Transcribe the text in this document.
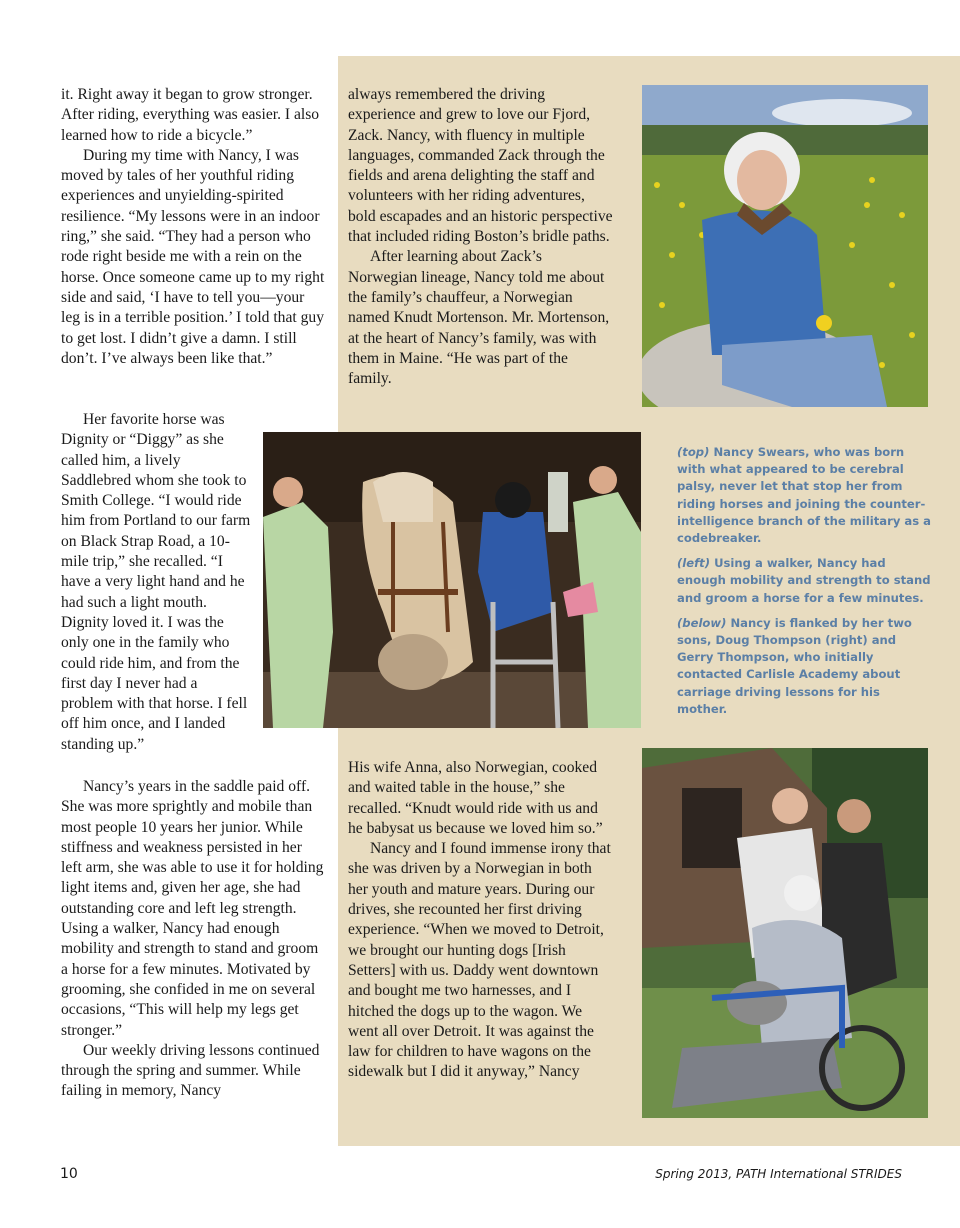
it. Right away it began to grow stronger. After riding, everything was easier. I also learned how to ride a bicycle.”

During my time with Nancy, I was moved by tales of her youthful riding experiences and unyielding-spirited resilience. “My lessons were in an indoor ring,” she said. “They had a person who rode right beside me with a rein on the horse. Once someone came up to my right side and said, ‘I have to tell you—your leg is in a terrible position.’ I told that guy to get lost. I didn’t give a damn. I still don’t. I’ve always been like that.”

Her favorite horse was Dignity or “Diggy” as she called him, a lively Saddlebred whom she took to Smith College. “I would ride him from Portland to our farm on Black Strap Road, a 10-mile trip,” she recalled. “I have a very light hand and he had such a light mouth. Dignity loved it. I was the only one in the family who could ride him, and from the first day I never had a problem with that horse. I fell off him once, and I landed standing up.”

Nancy’s years in the saddle paid off. She was more sprightly and mobile than most people 10 years her junior. While stiffness and weakness persisted in her left arm, she was able to use it for holding light items and, given her age, she had outstanding core and left leg strength. Using a walker, Nancy had enough mobility and strength to stand and groom a horse for a few minutes. Motivated by grooming, she confided in me on several occasions, “This will help my legs get stronger.”

Our weekly driving lessons continued through the spring and summer. While failing in memory, Nancy

always remembered the driving experience and grew to love our Fjord, Zack. Nancy, with fluency in multiple languages, commanded Zack through the fields and arena delighting the staff and volunteers with her riding adventures, bold escapades and an historic perspective that included riding Boston’s bridle paths.

After learning about Zack’s Norwegian lineage, Nancy told me about the family’s chauffeur, a Norwegian named Knudt Mortenson. Mr. Mortenson, at the heart of Nancy’s family, was with them in Maine. “He was part of the family.

His wife Anna, also Norwegian, cooked and waited table in the house,” she recalled. “Knudt would ride with us and he babysat us because we loved him so.”

Nancy and I found immense irony that she was driven by a Norwegian in both her youth and mature years. During our drives, she recounted her first driving experience. “When we moved to Detroit, we brought our hunting dogs [Irish Setters] with us. Daddy went downtown and bought me two harnesses, and I hitched the dogs up to the wagon. We went all over Detroit. It was against the law for children to have wagons on the sidewalk but I did it anyway,” Nancy

(top) Nancy Swears, who was born with what appeared to be cerebral palsy, never let that stop her from riding horses and joining the counter-intelligence branch of the military as a codebreaker.

(left) Using a walker, Nancy had enough mobility and strength to stand and groom a horse for a few minutes.

(below) Nancy is flanked by her two sons, Doug Thompson (right) and Gerry Thompson, who initially contacted Carlisle Academy about carriage driving lessons for his mother.

10	Spring 2013, PATH International STRIDES
